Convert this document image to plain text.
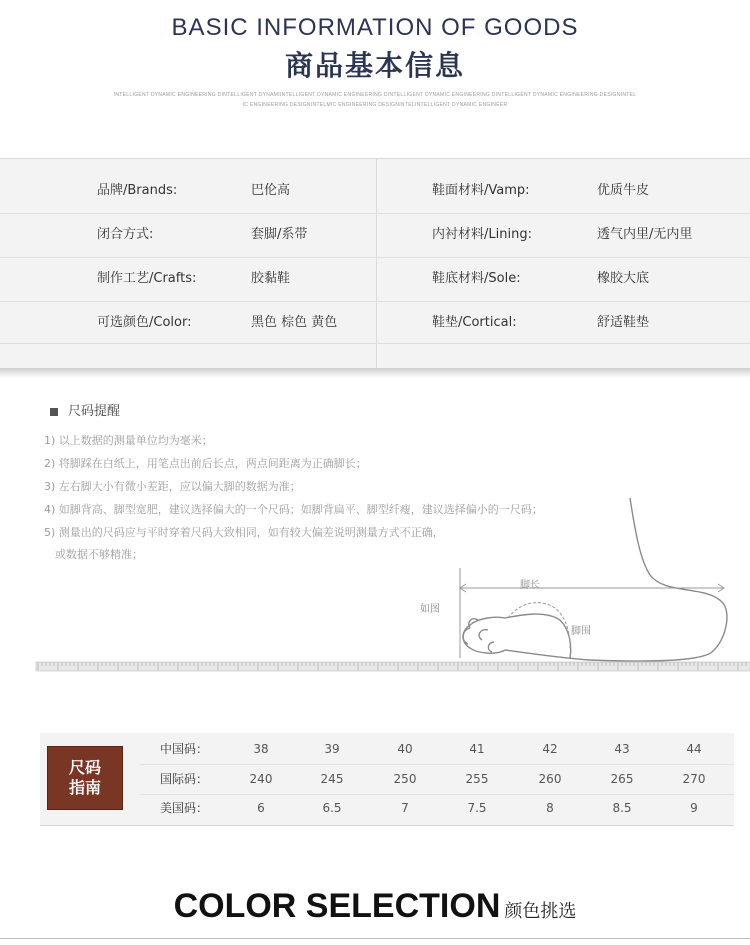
BASIC INFORMATION OF GOODS
商品基本信息
INTELLIGENT DYNAMIC ENGINEERING DINTELLIGENT DYNAMIINTELLIGENT DYNAMIC ENGINEERING DINTELLIGENT DYNAMIC ENGINEERING DINTELLIGENT DYNAMIC ENGINEERING DESIGNINTEL
IC ENGINEERING DESIGNINTELMIC ENGINEERING DESIGNINTELINTELLIGENT DYNAMIC ENGINEER
品牌/Brands:	巴伦高	鞋面材料/Vamp:	优质牛皮
闭合方式:	套脚/系带	内衬材料/Lining:	透气内里/无内里
制作工艺/Crafts:	胶黏鞋	鞋底材料/Sole:	橡胶大底
可选颜色/Color:	黑色 棕色 黄色	鞋垫/Cortical:	舒适鞋垫
尺码提醒
1) 以上数据的测量单位均为毫米；
2) 将脚踩在白纸上，用笔点出前后长点，两点间距离为正确脚长；
3) 左右脚大小有微小差距，应以偏大脚的数据为准；
4) 如脚背高、脚型宽肥，建议选择偏大的一个尺码；如脚背扁平、脚型纤瘦，建议选择偏小的一尺码；
5) 测量出的尺码应与平时穿着尺码大致相同，如有较大偏差说明测量方式不正确，
或数据不够精准；
脚长
如图
脚围
尺码
指南
中国码：	38	39	40	41	42	43	44
国际码：	240	245	250	255	260	265	270
美国码：	6	6.5	7	7.5	8	8.5	9
COLOR SELECTION 颜色挑选
